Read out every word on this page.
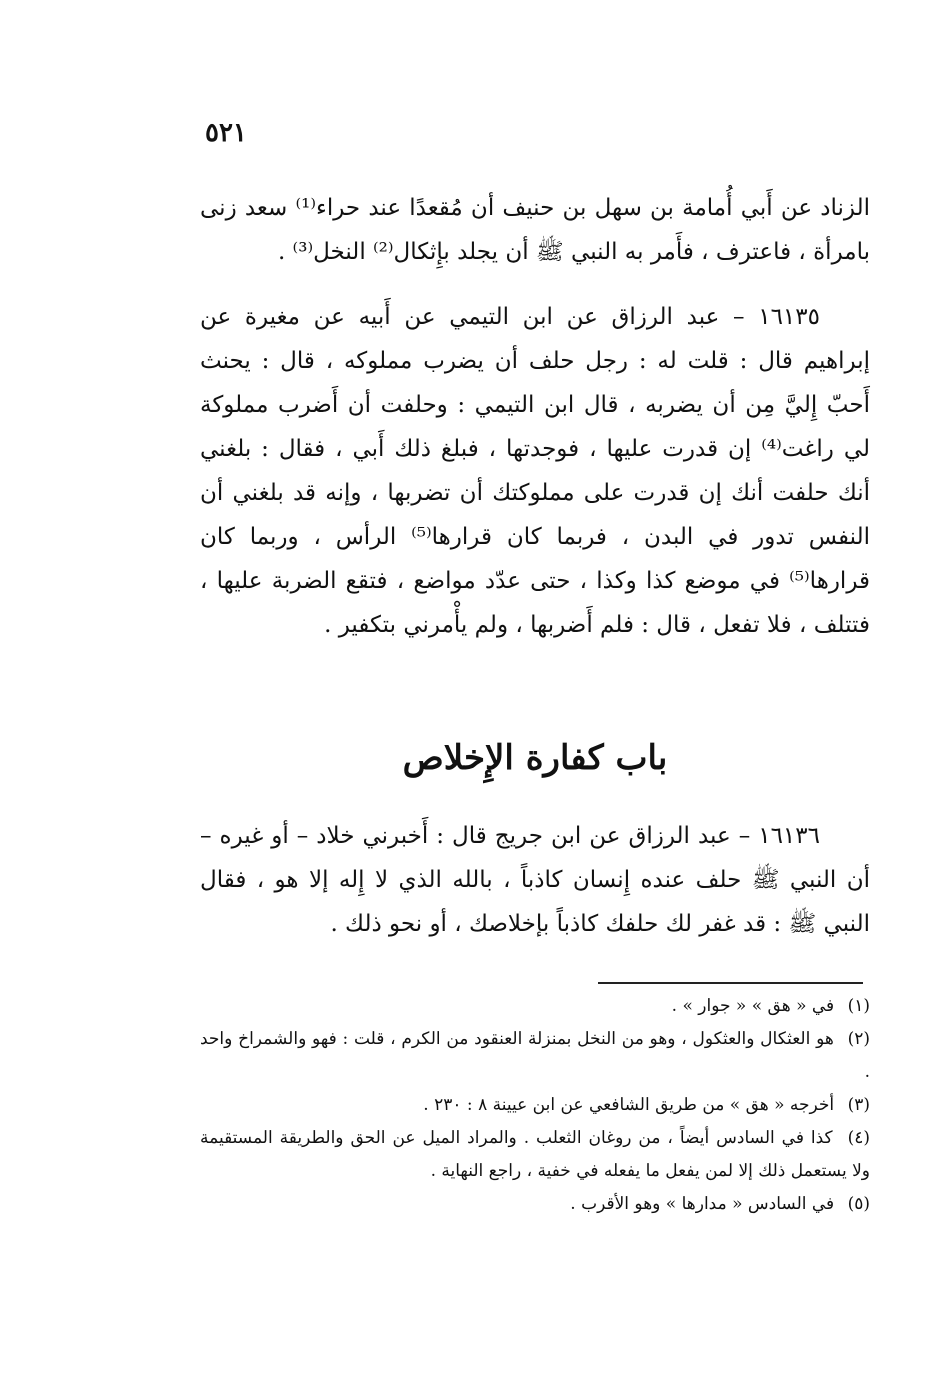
٥٢١

الزناد عن أَبي أُمامة بن سهل بن حنيف أن مُقعدًا عند حراء⁽¹⁾ سعد زنى بامرأة ، فاعترف ، فأَمر به النبي ﷺ أن يجلد بإِثكال⁽²⁾ النخل⁽³⁾ .

١٦١٣٥ – عبد الرزاق عن ابن التيمي عن أَبيه عن مغيرة عن إبراهيم قال : قلت له : رجل حلف أن يضرب مملوكه ، قال : يحنث أَحبّ إِليَّ مِن أن يضربه ، قال ابن التيمي : وحلفت أن أَضرب مملوكة لي راغت⁽⁴⁾ إن قدرت عليها ، فوجدتها ، فبلغ ذلك أَبي ، فقال : بلغني أنك حلفت أنك إن قدرت على مملوكتك أن تضربها ، وإنه قد بلغني أن النفس تدور في البدن ، فربما كان قرارها⁽⁵⁾ الرأس ، وربما كان قرارها⁽⁵⁾ في موضع كذا وكذا ، حتى عدّد مواضع ، فتقع الضربة عليها ، فتتلف ، فلا تفعل ، قال : فلم أَضربها ، ولم يأْمرني بتكفير .

باب كفارة الإِخلاص

١٦١٣٦ – عبد الرزاق عن ابن جريج قال : أَخبرني خلاد – أو غيره – أن النبي ﷺ حلف عنده إِنسان كاذباً ، بالله الذي لا إِله إلا هو ، فقال النبي ﷺ : قد غفر لك حلفك كاذباً بإخلاصك ، أو نحو ذلك .

(١) في « هق » « جوار » .

(٢) هو العثكال والعثكول ، وهو من النخل بمنزلة العنقود من الكرم ، قلت : فهو والشمراخ واحد .

(٣) أخرجه « هق » من طريق الشافعي عن ابن عيينة ٨ : ٢٣٠ .

(٤) كذا في السادس أيضاً ، من روغان الثعلب . والمراد الميل عن الحق والطريقة المستقيمة ولا يستعمل ذلك إلا لمن يفعل ما يفعله في خفية ، راجع النهاية .

(٥) في السادس « مدارها » وهو الأقرب .
